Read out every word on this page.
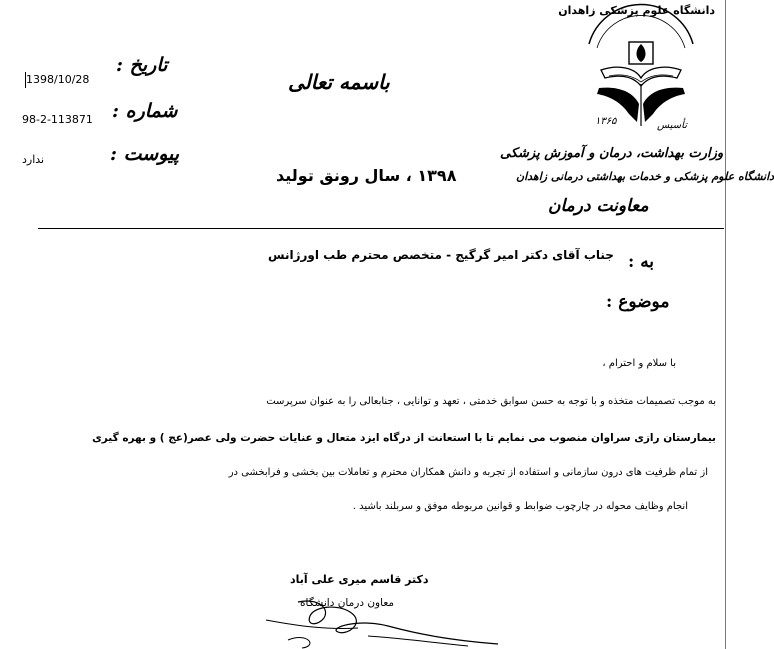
1398/10/28
98-2-113871
ندارد
تاریخ :
شماره :
پیوست :
باسمه تعالی
۱۳۹۸ ، سال رونق تولید
دانشگاه علوم پزشکی زاهدان
تأسیس
۱۳۶۵
وزارت بهداشت، درمان و آموزش پزشکی
دانشگاه علوم پزشکی و خدمات بهداشتی درمانی زاهدان
معاونت درمان
به :
جناب آقای دکتر امیر گرگیج - متخصص محترم طب اورژانس
موضوع :
با سلام و احترام ،
به موجب تصمیمات متخذه و با توجه به حسن سوابق خدمتی ، تعهد و توانایی ، جنابعالی را به عنوان سرپرست
بیمارستان رازی سراوان منصوب می نمایم تا با استعانت از درگاه ایزد متعال و عنایات حضرت ولی عصر(عج ) و بهره گیری
از تمام ظرفیت های درون سازمانی و استفاده از تجربه و دانش همکاران محترم و تعاملات بین بخشی و فرابخشی در
انجام وظایف محوله در چارچوب ضوابط و قوانین مربوطه موفق و سربلند باشید .
دکتر قاسم میری علی آباد
معاون درمان دانشگاه
